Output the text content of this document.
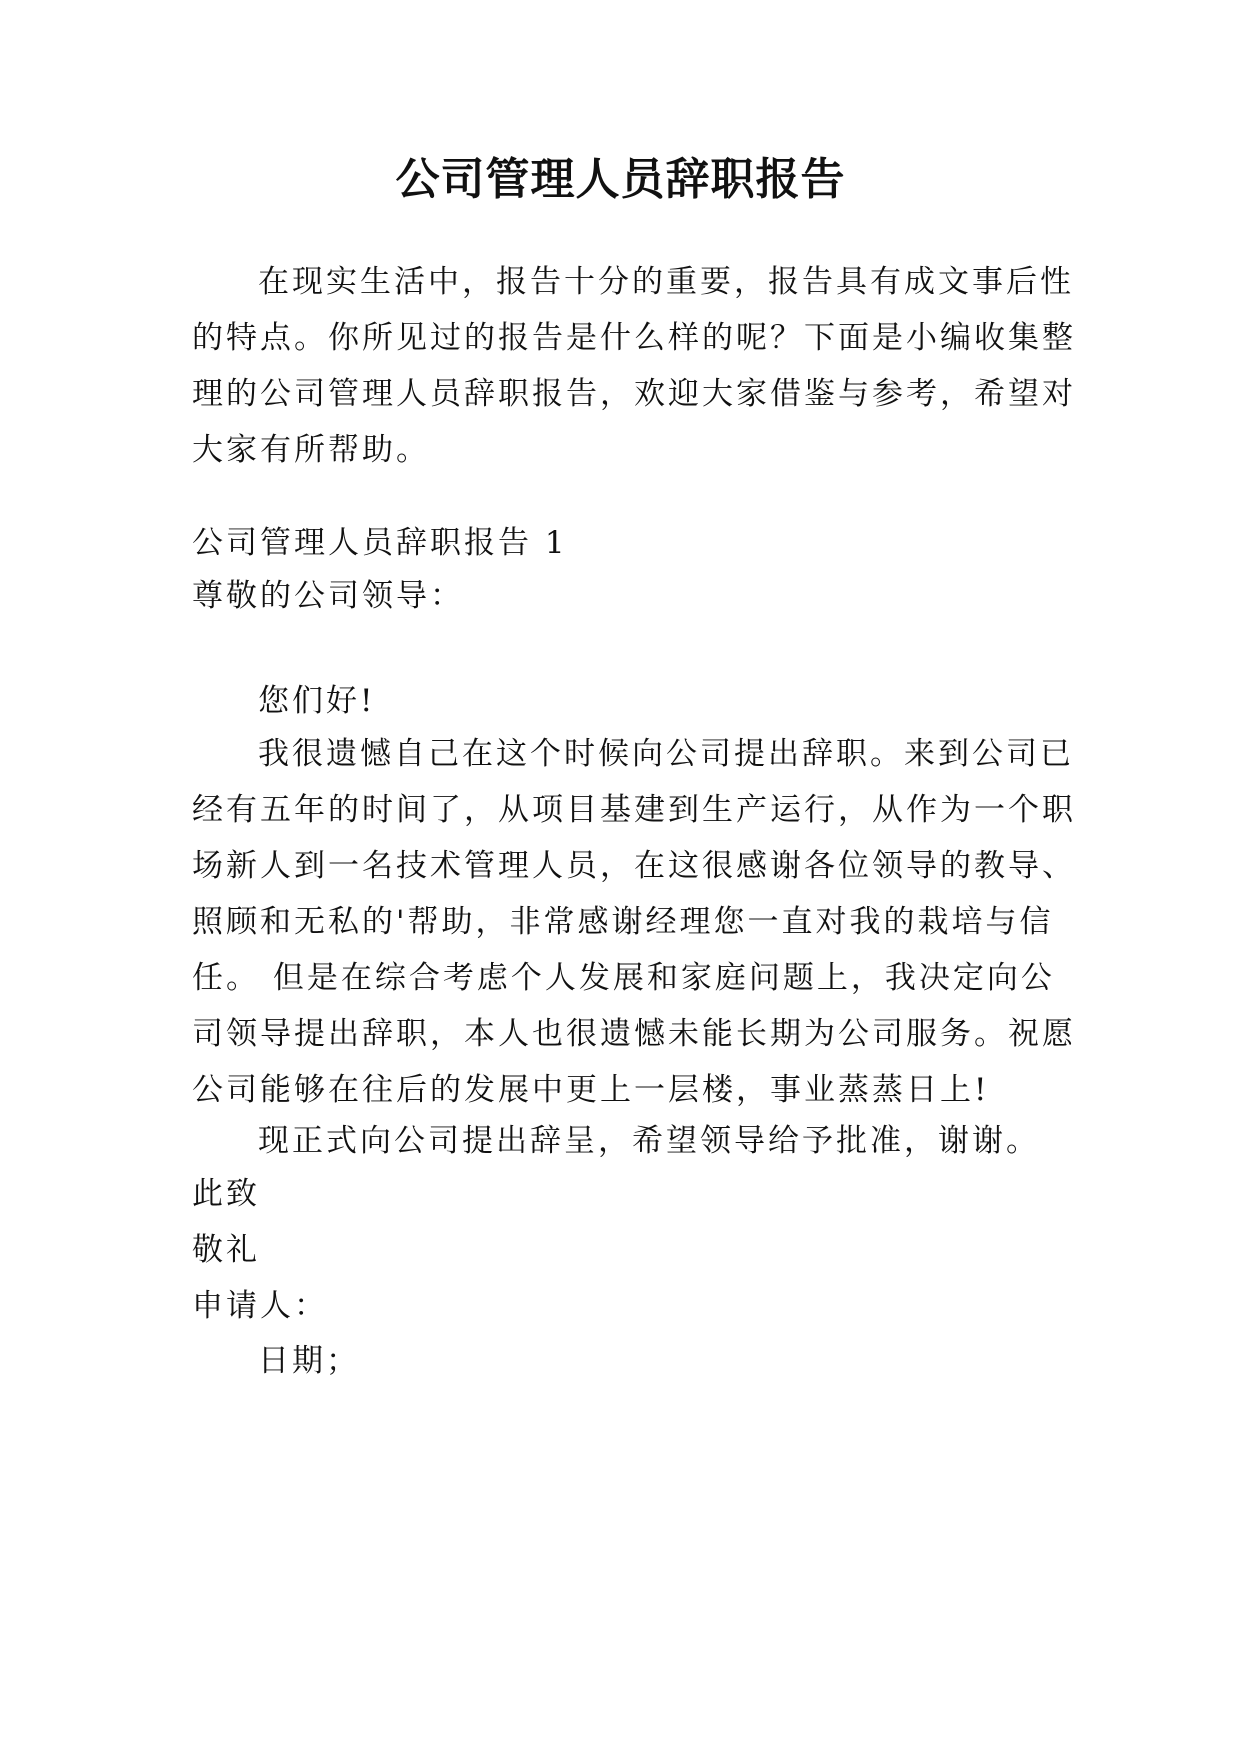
公司管理人员辞职报告
在现实生活中，报告十分的重要，报告具有成文事后性
的特点。你所见过的报告是什么样的呢？下面是小编收集整
理的公司管理人员辞职报告，欢迎大家借鉴与参考，希望对
大家有所帮助。
公司管理人员辞职报告 1
尊敬的公司领导：
您们好!
我很遗憾自己在这个时候向公司提出辞职。来到公司已
经有五年的时间了，从项目基建到生产运行，从作为一个职
场新人到一名技术管理人员，在这很感谢各位领导的教导、
照顾和无私的'帮助，非常感谢经理您一直对我的栽培与信
任。 但是在综合考虑个人发展和家庭问题上，我决定向公
司领导提出辞职，本人也很遗憾未能长期为公司服务。祝愿
公司能够在往后的发展中更上一层楼，事业蒸蒸日上!
现正式向公司提出辞呈，希望领导给予批准，谢谢。
此致
敬礼
申请人：
日期；
